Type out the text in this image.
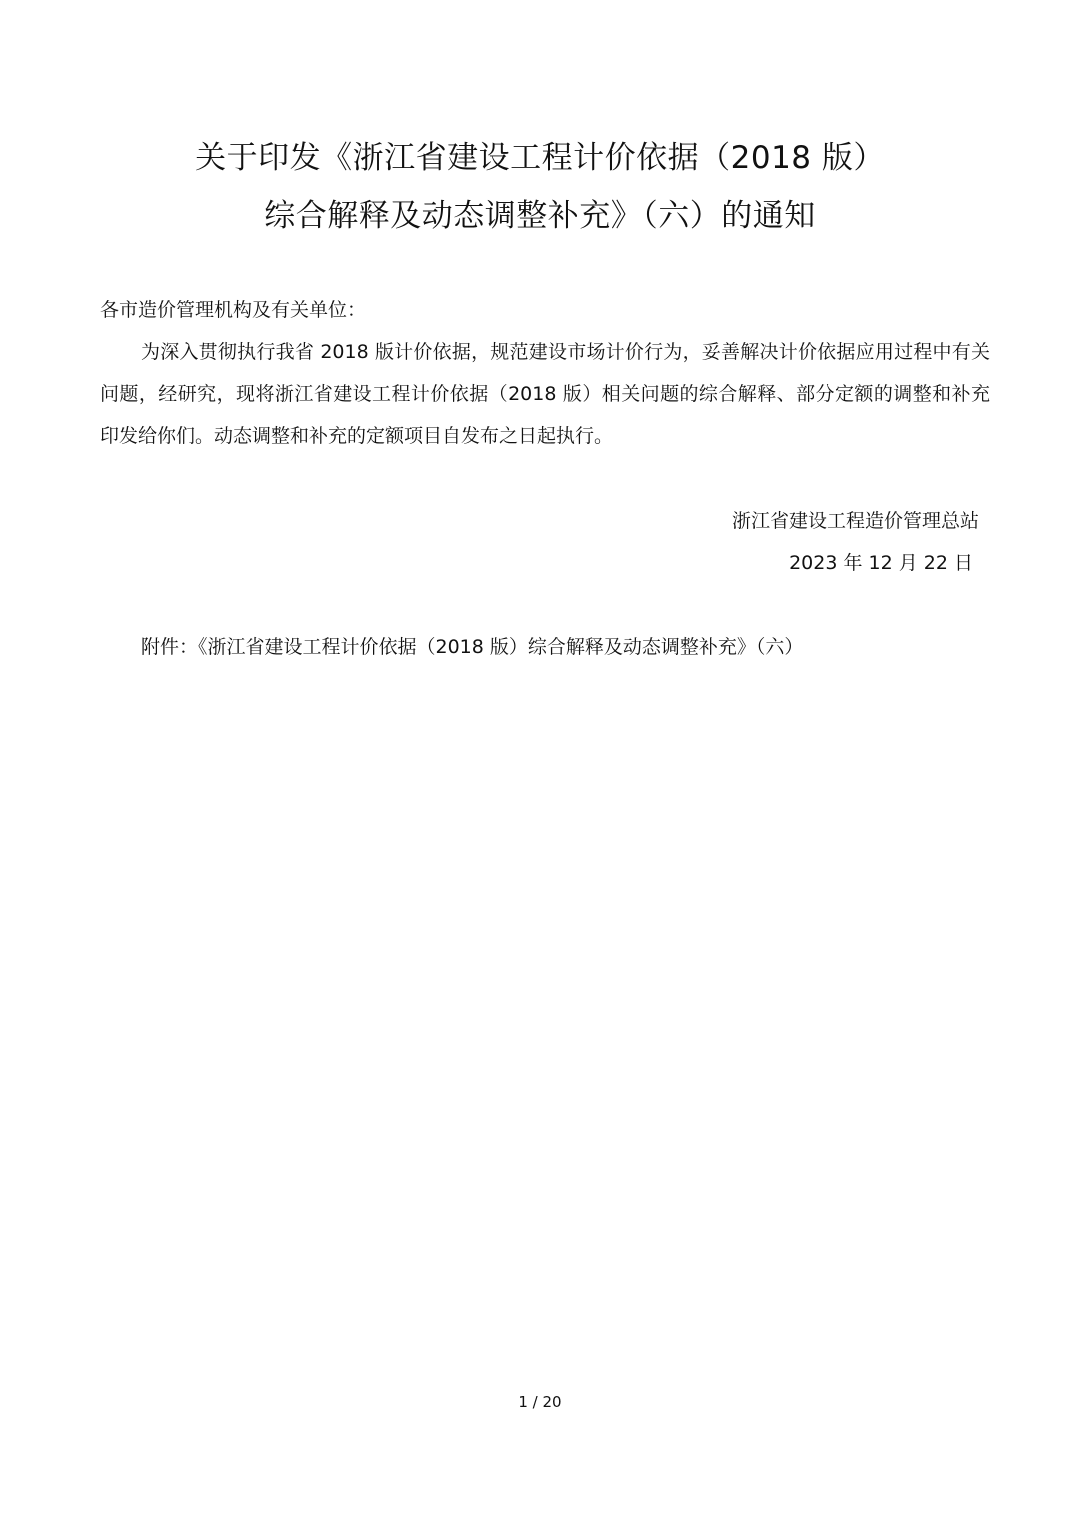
关于印发《浙江省建设工程计价依据（2018 版）
综合解释及动态调整补充》（六）的通知
各市造价管理机构及有关单位：
为深入贯彻执行我省 2018 版计价依据，规范建设市场计价行为，妥善解决计价依据应用过程中有关问题，经研究，现将浙江省建设工程计价依据（2018 版）相关问题的综合解释、部分定额的调整和补充印发给你们。动态调整和补充的定额项目自发布之日起执行。
浙江省建设工程造价管理总站
2023 年 12 月 22 日
附件：《浙江省建设工程计价依据（2018 版）综合解释及动态调整补充》（六）
1 / 20
